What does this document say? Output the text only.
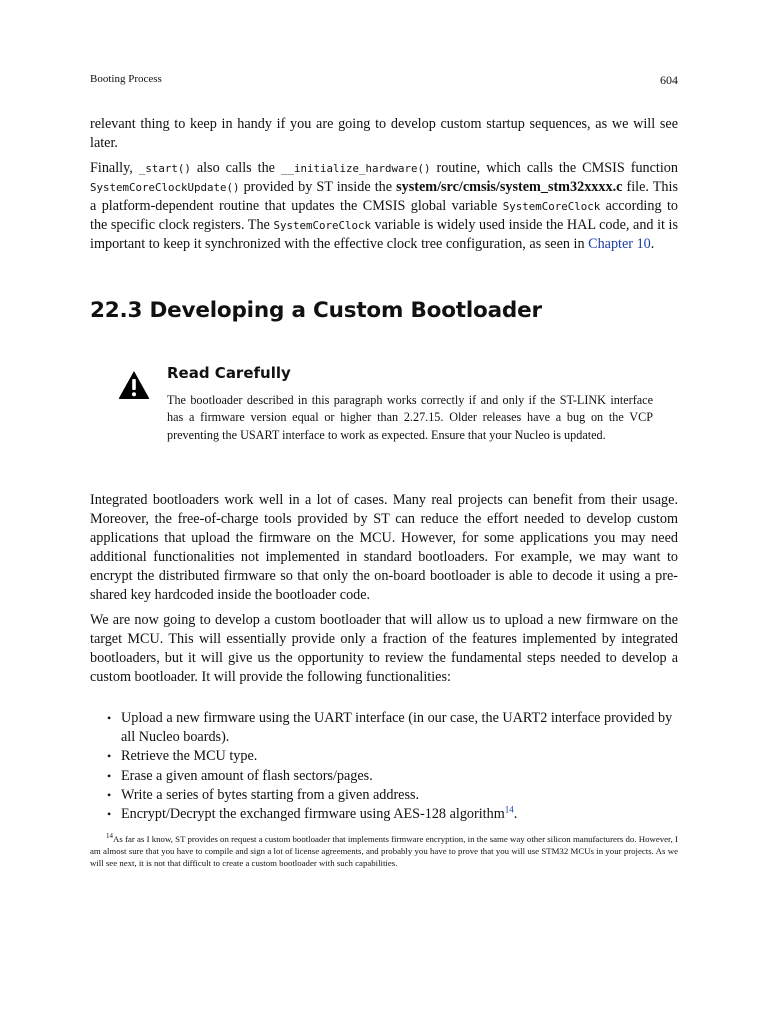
Booting Process	604

relevant thing to keep in handy if you are going to develop custom startup sequences, as we will see later.

Finally, _start() also calls the __initialize_hardware() routine, which calls the CMSIS function SystemCoreClockUpdate() provided by ST inside the system/src/cmsis/system_stm32xxxx.c file. This a platform-dependent routine that updates the CMSIS global variable SystemCoreClock according to the specific clock registers. The SystemCoreClock variable is widely used inside the HAL code, and it is important to keep it synchronized with the effective clock tree configuration, as seen in Chapter 10.

22.3 Developing a Custom Bootloader
Read Carefully
The bootloader described in this paragraph works correctly if and only if the ST-LINK interface has a firmware version equal or higher than 2.27.15. Older releases have a bug on the VCP preventing the USART interface to work as expected. Ensure that your Nucleo is updated.

Integrated bootloaders work well in a lot of cases. Many real projects can benefit from their usage. Moreover, the free-of-charge tools provided by ST can reduce the effort needed to develop custom applications that upload the firmware on the MCU. However, for some applications you may need additional functionalities not implemented in standard bootloaders. For example, we may want to encrypt the distributed firmware so that only the on-board bootloader is able to decode it using a pre-shared key hardcoded inside the bootloader code.

We are now going to develop a custom bootloader that will allow us to upload a new firmware on the target MCU. This will essentially provide only a fraction of the features implemented by integrated bootloaders, but it will give us the opportunity to review the fundamental steps needed to develop a custom bootloader. It will provide the following functionalities:

• Upload a new firmware using the UART interface (in our case, the UART2 interface provided by all Nucleo boards).
• Retrieve the MCU type.
• Erase a given amount of flash sectors/pages.
• Write a series of bytes starting from a given address.
• Encrypt/Decrypt the exchanged firmware using AES-128 algorithm$^{14}$.
$^{14}$As far as I know, ST provides on request a custom bootloader that implements firmware encryption, in the same way other silicon manufacturers do. However, I am almost sure that you have to compile and sign a lot of license agreements, and probably you have to prove that you will use STM32 MCUs in your projects. As we will see next, it is not that difficult to create a custom bootloader with such capabilities.
